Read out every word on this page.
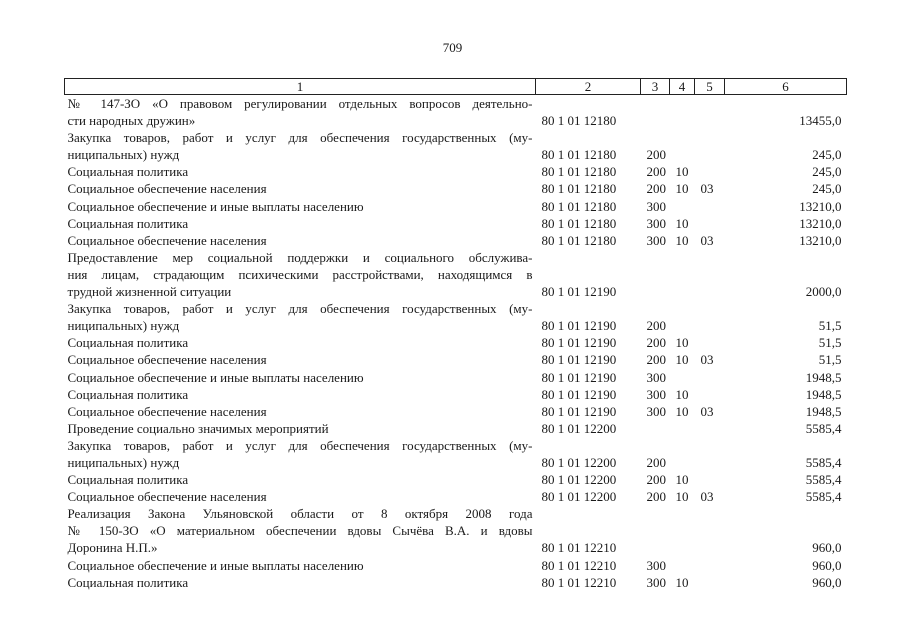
709
1	2	3	4	5	6

№ 147-ЗО «О правовом регулировании отдельных вопросов деятельно-
сти народных дружин»	80 1 01 12180				13455,0

Закупка товаров, работ и услуг для обеспечения государственных (му-
ниципальных) нужд	80 1 01 12180	200			245,0

Социальная политика	80 1 01 12180	200	10		245,0

Социальное обеспечение населения	80 1 01 12180	200	10	03	245,0

Социальное обеспечение и иные выплаты населению	80 1 01 12180	300			13210,0

Социальная политика	80 1 01 12180	300	10		13210,0

Социальное обеспечение населения	80 1 01 12180	300	10	03	13210,0

Предоставление мер социальной поддержки и социального обслужива-
ния лицам, страдающим психическими расстройствами, находящимся в
трудной жизненной ситуации	80 1 01 12190				2000,0

Закупка товаров, работ и услуг для обеспечения государственных (му-
ниципальных) нужд	80 1 01 12190	200			51,5

Социальная политика	80 1 01 12190	200	10		51,5

Социальное обеспечение населения	80 1 01 12190	200	10	03	51,5

Социальное обеспечение и иные выплаты населению	80 1 01 12190	300			1948,5

Социальная политика	80 1 01 12190	300	10		1948,5

Социальное обеспечение населения	80 1 01 12190	300	10	03	1948,5

Проведение социально значимых мероприятий	80 1 01 12200				5585,4

Закупка товаров, работ и услуг для обеспечения государственных (му-
ниципальных) нужд	80 1 01 12200	200			5585,4

Социальная политика	80 1 01 12200	200	10		5585,4

Социальное обеспечение населения	80 1 01 12200	200	10	03	5585,4

Реализация Закона Ульяновской области от 8 октября 2008 года
№ 150-ЗО «О материальном обеспечении вдовы Сычёва В.А. и вдовы
Доронина Н.П.»	80 1 01 12210				960,0

Социальное обеспечение и иные выплаты населению	80 1 01 12210	300			960,0

Социальная политика	80 1 01 12210	300	10		960,0
